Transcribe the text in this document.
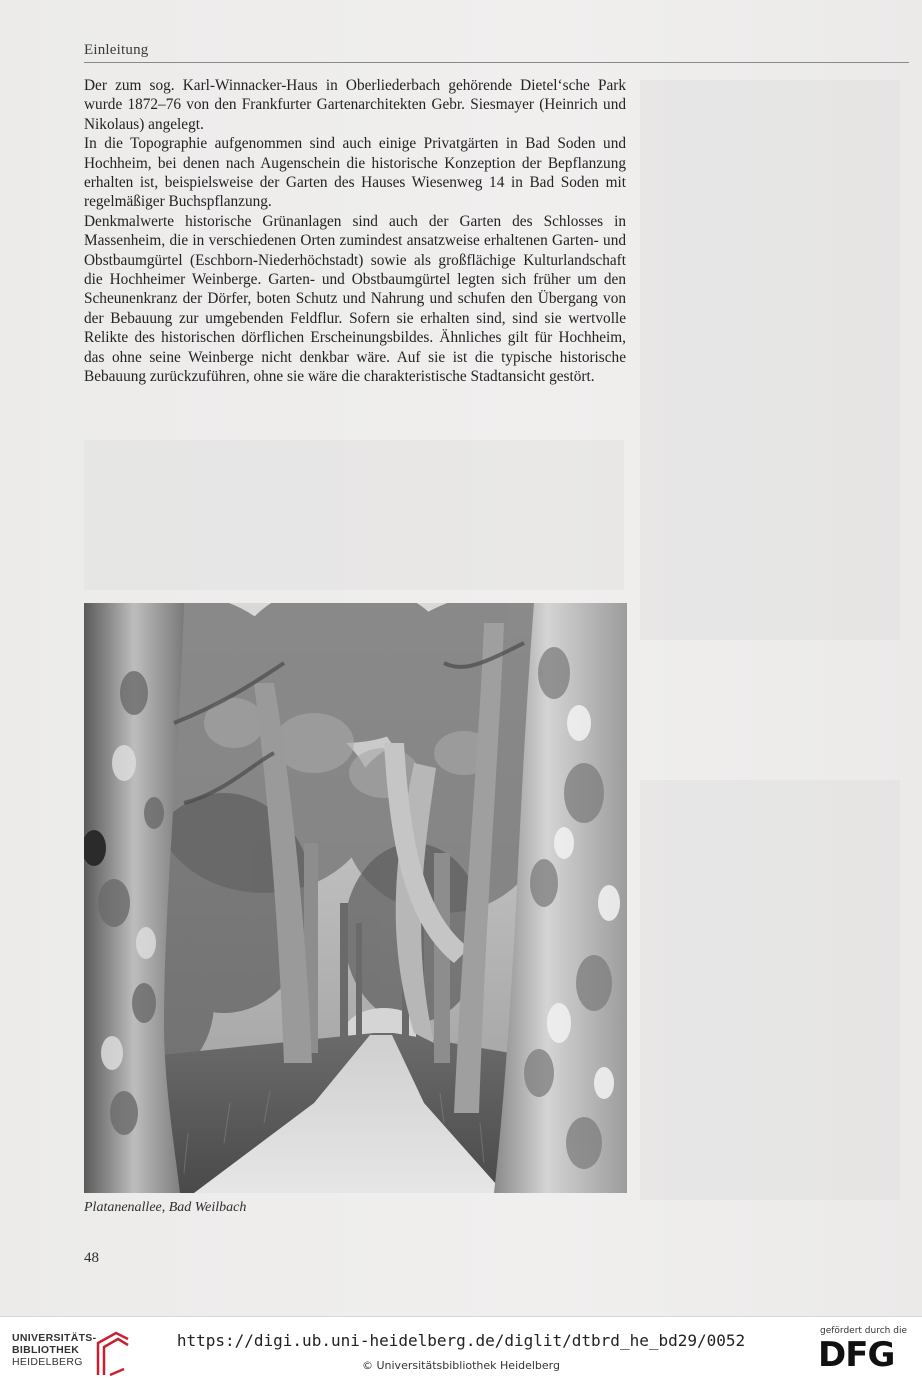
Einleitung

Der zum sog. Karl-Winnacker-Haus in Oberliederbach gehörende Dietel‘sche Park wurde 1872–76 von den Frankfurter Gartenarchitekten Gebr. Siesmayer (Heinrich und Nikolaus) angelegt.

In die Topographie aufgenommen sind auch einige Privatgärten in Bad Soden und Hochheim, bei denen nach Augenschein die historische Konzeption der Bepflanzung erhalten ist, beispielsweise der Garten des Hauses Wiesenweg 14 in Bad Soden mit regelmäßiger Buchspflanzung.

Denkmalwerte historische Grünanlagen sind auch der Garten des Schlosses in Massenheim, die in verschiedenen Orten zumindest ansatzweise erhaltenen Garten- und Obstbaumgürtel (Eschborn-Niederhöchstadt) sowie als großflächige Kulturlandschaft die Hochheimer Weinberge. Garten- und Obstbaumgürtel legten sich früher um den Scheunenkranz der Dörfer, boten Schutz und Nahrung und schufen den Übergang von der Bebauung zur umgebenden Feldflur. Sofern sie erhalten sind, sind sie wertvolle Relikte des historischen dörflichen Erscheinungsbildes. Ähnliches gilt für Hochheim, das ohne seine Weinberge nicht denkbar wäre. Auf sie ist die typische historische Bebauung zurückzuführen, ohne sie wäre die charakteristische Stadtansicht gestört.

Platanenallee, Bad Weilbach
48
UNIVERSITÄTS-
BIBLIOTHEK
HEIDELBERG
https://digi.ub.uni-heidelberg.de/diglit/dtbrd_he_bd29/0052
© Universitätsbibliothek Heidelberg
gefördert durch die
DFG
